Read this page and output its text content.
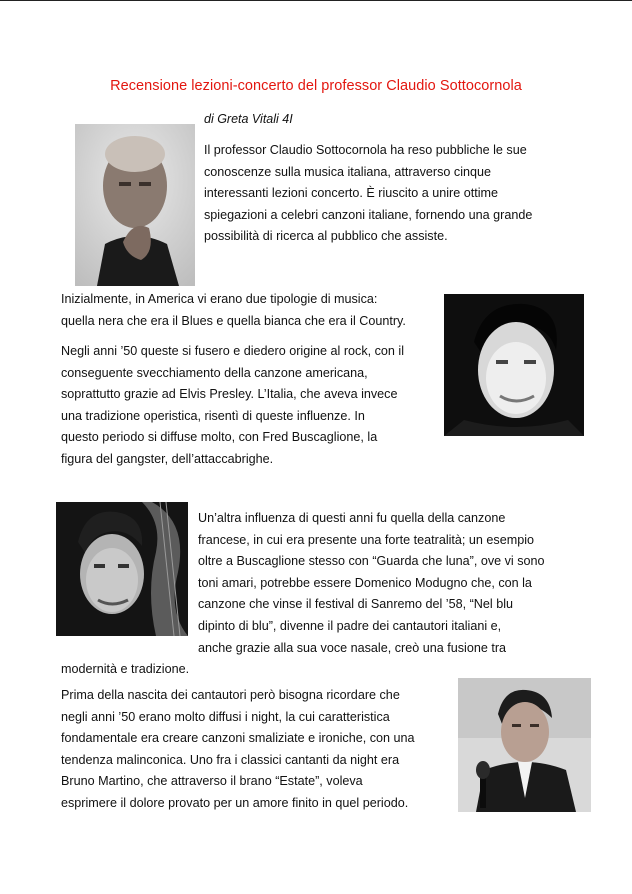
Recensione lezioni-concerto del professor Claudio Sottocornola
di Greta Vitali 4I

Il professor Claudio Sottocornola ha reso pubbliche le sue
conoscenze sulla musica italiana, attraverso cinque
interessanti lezioni concerto. È riuscito a unire ottime
spiegazioni a celebri canzoni italiane, fornendo una grande
possibilità di ricerca al pubblico che assiste.

Inizialmente, in America vi erano due tipologie di musica:
quella nera che era il Blues e quella bianca che era il Country.

Negli anni ’50 queste si fusero e diedero origine al rock, con il
conseguente svecchiamento della canzone americana,
soprattutto grazie ad Elvis Presley. L’Italia, che aveva invece
una tradizione operistica, risentì di queste influenze. In
questo periodo si diffuse molto, con Fred Buscaglione, la
figura del gangster, dell’attaccabrighe.

Un’altra influenza di questi anni fu quella della canzone
francese, in cui era presente una forte teatralità; un esempio
oltre a Buscaglione stesso con “Guarda che luna”, ove vi sono
toni amari, potrebbe essere Domenico Modugno che, con la
canzone che vinse il festival di Sanremo del ’58, “Nel blu
dipinto di blu”, divenne il padre dei cantautori italiani e,
anche grazie alla sua voce nasale, creò una fusione tra
modernità e tradizione.

Prima della nascita dei cantautori però bisogna ricordare che
negli anni ’50 erano molto diffusi i night, la cui caratteristica
fondamentale era creare canzoni smaliziate e ironiche, con una
tendenza malinconica. Uno fra i classici cantanti da night era
Bruno Martino, che attraverso il brano “Estate”, voleva
esprimere il dolore provato per un amore finito in quel periodo.
